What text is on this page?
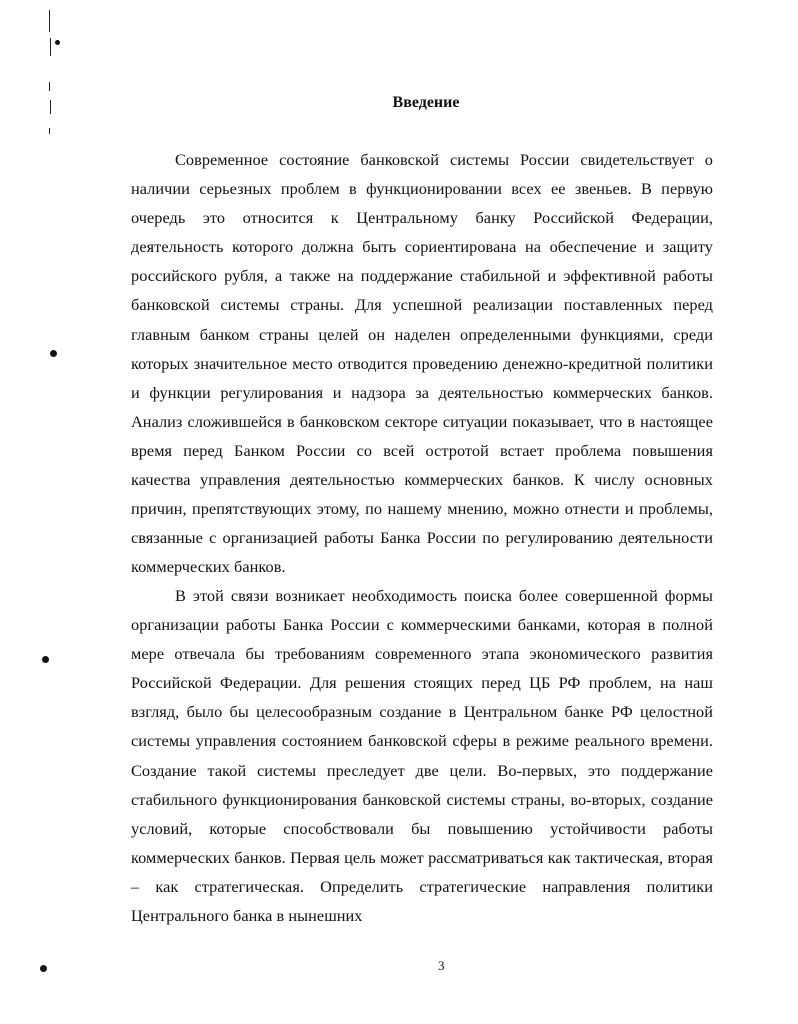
Введение

Современное состояние банковской системы России свидетельствует о наличии серьезных проблем в функционировании всех ее звеньев. В первую очередь это относится к Центральному банку Российской Федерации, деятельность которого должна быть сориентирована на обеспечение и защиту российского рубля, а также на поддержание стабильной и эффективной работы банковской системы страны. Для успешной реализации поставленных перед главным банком страны целей он наделен определенными функциями, среди которых значительное место отводится проведению денежно-кредитной политики и функции регулирования и надзора за деятельностью коммерческих банков. Анализ сложившейся в банковском секторе ситуации показывает, что в настоящее время перед Банком России со всей остротой встает проблема повышения качества управления деятельностью коммерческих банков. К числу основных причин, препятствующих этому, по нашему мнению, можно отнести и проблемы, связанные с организацией работы Банка России по регулированию деятельности коммерческих банков.

В этой связи возникает необходимость поиска более совершенной формы организации работы Банка России с коммерческими банками, которая в полной мере отвечала бы требованиям современного этапа экономического развития Российской Федерации. Для решения стоящих перед ЦБ РФ проблем, на наш взгляд, было бы целесообразным создание в Центральном банке РФ целостной системы управления состоянием банковской сферы в режиме реального времени. Создание такой системы преследует две цели. Во-первых, это поддержание стабильного функционирования банковской системы страны, во-вторых, создание условий, которые способствовали бы повышению устойчивости работы коммерческих банков. Первая цель может рассматриваться как тактическая, вторая – как стратегическая. Определить стратегические направления политики Центрального банка в нынешних

3
